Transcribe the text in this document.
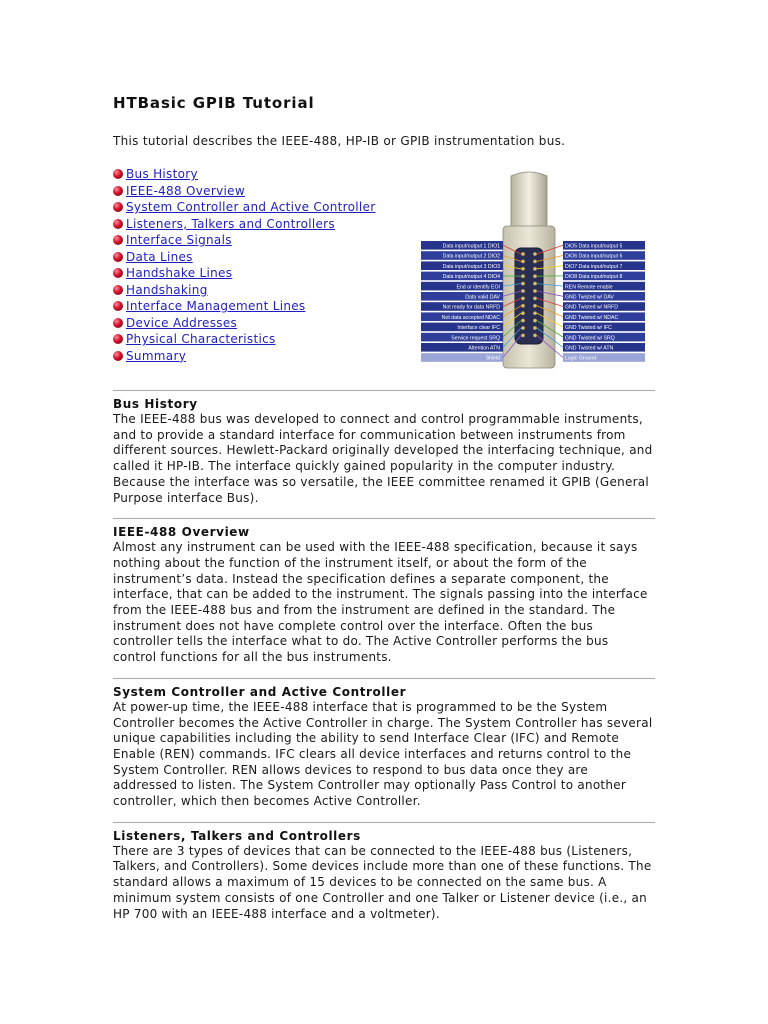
HTBasic GPIB Tutorial
This tutorial describes the IEEE-488, HP-IB or GPIB instrumentation bus.
Bus History
IEEE-488 Overview
System Controller and Active Controller
Listeners, Talkers and Controllers
Interface Signals
Data Lines
Handshake Lines
Handshaking
Interface Management Lines
Device Addresses
Physical Characteristics
Summary
Data input/output 1 DIO1
Data input/output 2 DIO2
Data input/output 3 DIO3
Data input/output 4 DIO4
End or identify EOI
Data valid DAV
Not ready for data NRFD
Not data accepted NDAC
Interface clear IFC
Service request SRQ
Attention ATN
Shield
DIO5 Data input/output 5
DIO6 Data input/output 6
DIO7 Data input/output 7
DIO8 Data input/output 8
REN Remote enable
GND Twisted w/ DAV
GND Twisted w/ NRFD
GND Twisted w/ NDAC
GND Twisted w/ IFC
GND Twisted w/ SRQ
GND Twisted w/ ATN
Logic Ground
Bus History

The IEEE-488 bus was developed to connect and control programmable instruments, and to provide a standard interface for communication between instruments from different sources. Hewlett-Packard originally developed the interfacing technique, and called it HP-IB. The interface quickly gained popularity in the computer industry. Because the interface was so versatile, the IEEE committee renamed it GPIB (General Purpose interface Bus).

IEEE-488 Overview

Almost any instrument can be used with the IEEE-488 specification, because it says nothing about the function of the instrument itself, or about the form of the instrument’s data. Instead the specification defines a separate component, the interface, that can be added to the instrument. The signals passing into the interface from the IEEE-488 bus and from the instrument are defined in the standard. The instrument does not have complete control over the interface. Often the bus controller tells the interface what to do. The Active Controller performs the bus control functions for all the bus instruments.

System Controller and Active Controller

At power-up time, the IEEE-488 interface that is programmed to be the System Controller becomes the Active Controller in charge. The System Controller has several unique capabilities including the ability to send Interface Clear (IFC) and Remote Enable (REN) commands. IFC clears all device interfaces and returns control to the System Controller. REN allows devices to respond to bus data once they are addressed to listen. The System Controller may optionally Pass Control to another controller, which then becomes Active Controller.

Listeners, Talkers and Controllers

There are 3 types of devices that can be connected to the IEEE-488 bus (Listeners, Talkers, and Controllers). Some devices include more than one of these functions. The standard allows a maximum of 15 devices to be connected on the same bus. A minimum system consists of one Controller and one Talker or Listener device (i.e., an HP 700 with an IEEE-488 interface and a voltmeter).
